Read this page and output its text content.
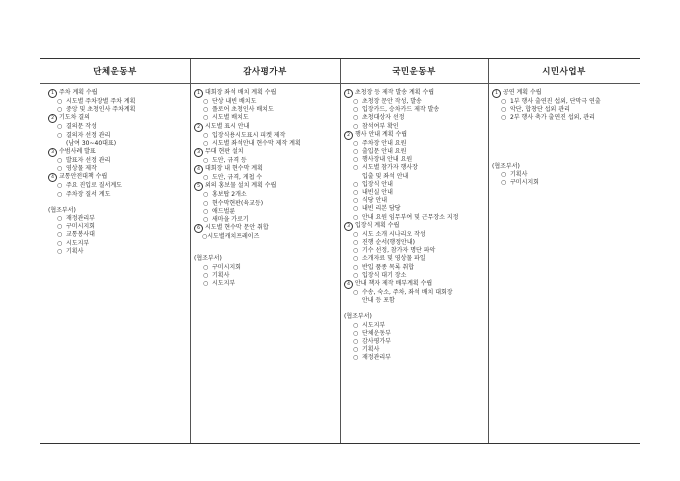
단체운동부
1 주차 계획 수립
○ 시도별 주차장별 주차 계획
○ 중앙 및 초청인사 주차계획
2 기도차 결의
○ 결의문 작성
○ 결의자 선정 관리
(남여 30~40대표)
3 수범사례 발표
○ 발표자 선정 관리
○ 영상물 제작
4 교통안전대책 수립
○ 주요 진입로 질서계도
○ 주차장 질서 계도
(협조부서)
○ 재정관리부
○ 구미시지회
○ 교통봉사대
○ 시도지부
○ 기획사
감사평가부
1 대회장 좌석 배치 계획 수립
○ 단상 내빈 배치도
○ 플로어 초청인사 배치도
○ 시도별 배치도
2 시도별 표시 안내
○ 입장식용시도표시 피켓 제작
○ 시도별 좌석안내 현수막 제작 계획
3 무대 현판 설치
○ 도안, 규격 등
4 대회장 내 현수막 계획
○ 도안, 규격, 게첩 수
5 외의 홍보물 설치 계획 수립
○ 홍보탑 2개소
○ 현수막현판(육교등)
○ 애드벌룬
○ 새마을 가로기
6 시도별 현수막 문안 취합
○시도별캐치프레이즈
(협조부서)
○ 구미시지회
○ 기획사
○ 시도지부
국민운동부
1 초청장 등 제작 발송 계획 수립
○ 초청장 문안 작성, 발송
○ 입장카드, 승차카드 제작 발송
○ 초청대상자 선정
○ 참석여부 확인
2 행사 안내 계획 수립
○ 주차장 안내 요원
○ 출입문 안내 요원
○ 행사장내 안내 요원
○ 시도별 참가자 행사장
입출 및 좌석 안내
○ 입장식 안내
○ 내빈실 안내
○ 식당 안내
○ 내빈 리본 담당
○ 안내 요원 임무부여 및 근무장소 지정
3 입장식 계획 수립
○ 시도 소개 시나리오 작성
○ 진행 순서(행정안내)
○ 기수 선정, 참가자 명단 파악
○ 소개자료 및 영상물 파일
○ 반입 품종 목록 취합
○ 입장식 대기 장소
4 안내 책자 제작 배부계획 수립
○ 수송, 숙소, 주차, 좌석 배치 대회장
안내 등 포함
(협조부서)
○ 시도지부
○ 단체운동부
○ 감사평가부
○ 기획사
○ 재정관리부
시민사업부
1 공연 계획 수립
○ 1부 행사 출연진 섭외, 단막극 연출
○ 악단, 합창단 섭외 관리
○ 2부 행사 축가 출연진 섭외, 관리
(협조부서)
○ 기획사
○ 구미시지회
